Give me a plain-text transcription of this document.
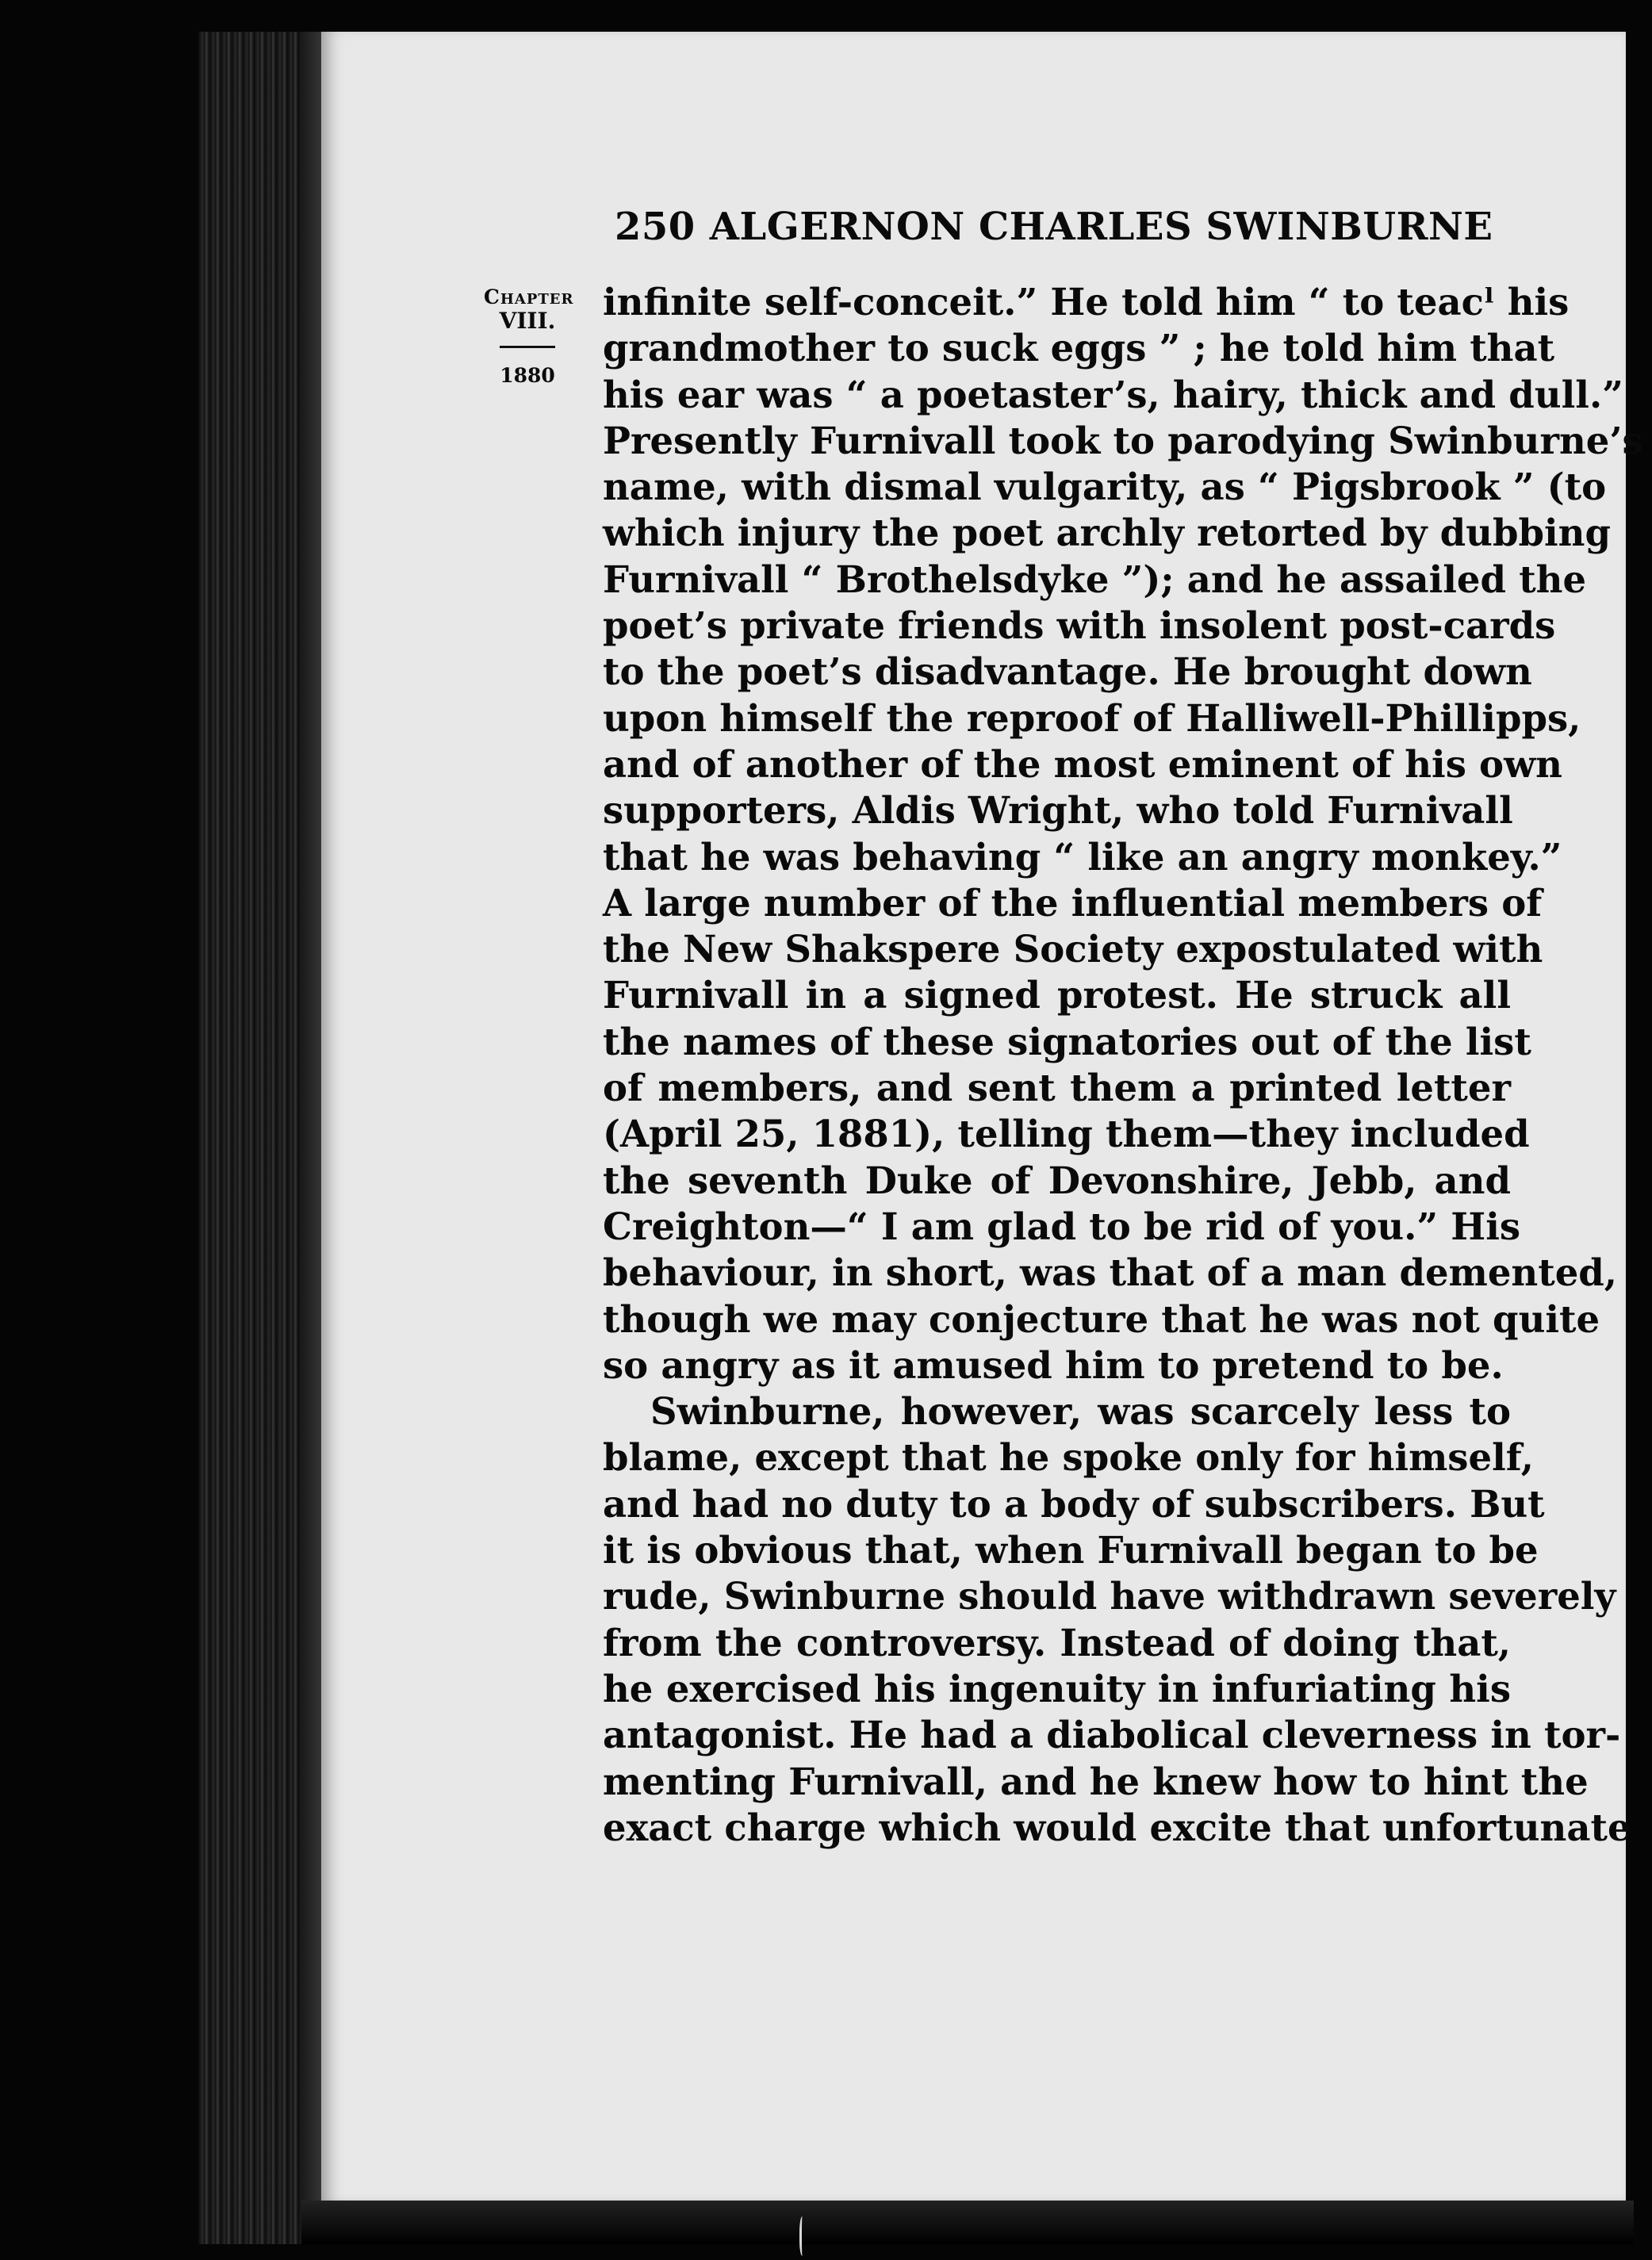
250 ALGERNON CHARLES SWINBURNE
Chapter
VIII.
1880
infinite self-conceit.” He told him “ to teacˡ his
grandmother to suck eggs ” ; he told him that
his ear was “ a poetaster’s, hairy, thick and dull.”
Presently Furnivall took to parodying Swinburne’s
name, with dismal vulgarity, as “ Pigsbrook ” (to
which injury the poet archly retorted by dubbing
Furnivall “ Brothelsdyke ”); and he assailed the
poet’s private friends with insolent post-cards
to the poet’s disadvantage. He brought down
upon himself the reproof of Halliwell-Phillipps,
and of another of the most eminent of his own
supporters, Aldis Wright, who told Furnivall
that he was behaving “ like an angry monkey.”
A large number of the influential members of
the New Shakspere Society expostulated with
Furnivall in a signed protest. He struck all
the names of these signatories out of the list
of members, and sent them a printed letter
(April 25, 1881), telling them—they included
the seventh Duke of Devonshire, Jebb, and
Creighton—“ I am glad to be rid of you.” His
behaviour, in short, was that of a man demented,
though we may conjecture that he was not quite
so angry as it amused him to pretend to be.
Swinburne, however, was scarcely less to
blame, except that he spoke only for himself,
and had no duty to a body of subscribers. But
it is obvious that, when Furnivall began to be
rude, Swinburne should have withdrawn severely
from the controversy. Instead of doing that,
he exercised his ingenuity in infuriating his
antagonist. He had a diabolical cleverness in tor-
menting Furnivall, and he knew how to hint the
exact charge which would excite that unfortunate
